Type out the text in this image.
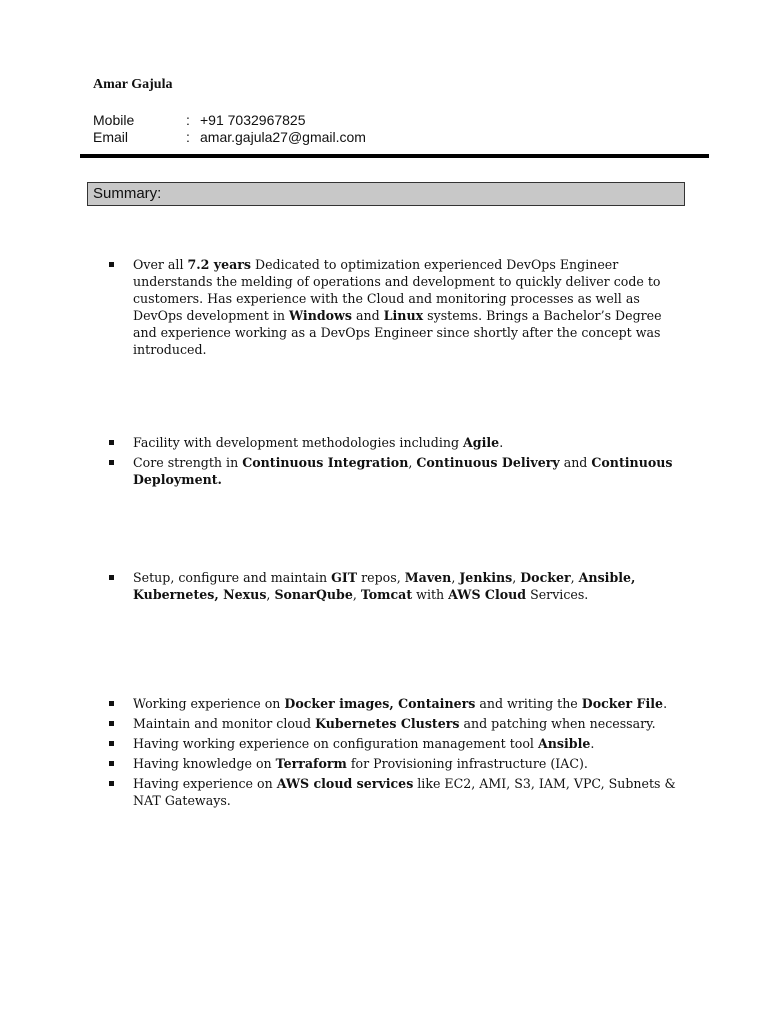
Amar Gajula
Mobile	: +91 7032967825
Email	: amar.gajula27@gmail.com
Summary:
Over all 7.2 years Dedicated to optimization experienced DevOps Engineer understands the melding of operations and development to quickly deliver code to customers. Has experience with the Cloud and monitoring processes as well as DevOps development in Windows and Linux systems. Brings a Bachelor’s Degree and experience working as a DevOps Engineer since shortly after the concept was introduced.
Facility with development methodologies including Agile.
Core strength in Continuous Integration, Continuous Delivery and Continuous Deployment.
Setup, configure and maintain GIT repos, Maven, Jenkins, Docker, Ansible, Kubernetes, Nexus, SonarQube, Tomcat with AWS Cloud Services.
Working experience on Docker images, Containers and writing the Docker File.
Maintain and monitor cloud Kubernetes Clusters and patching when necessary.
Having working experience on configuration management tool Ansible.
Having knowledge on Terraform for Provisioning infrastructure (IAC).
Having experience on AWS cloud services like EC2, AMI, S3, IAM, VPC, Subnets & NAT Gateways.
